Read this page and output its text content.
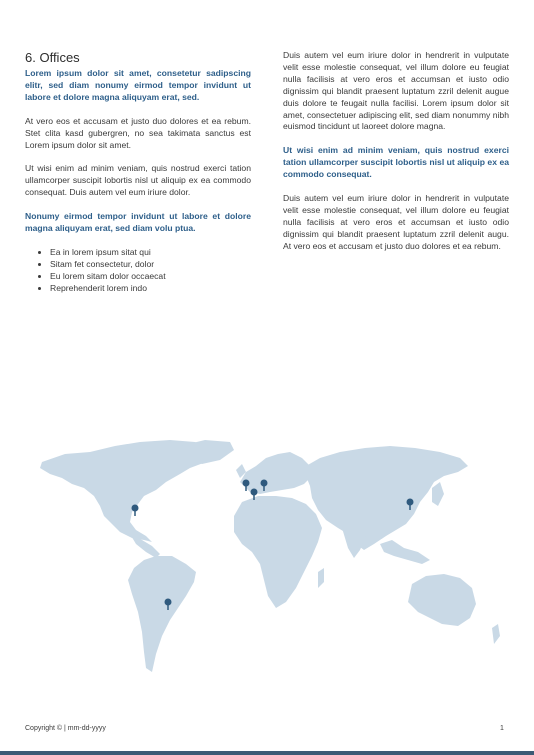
6. Offices

Lorem ipsum dolor sit amet, consetetur sadipscing elitr, sed diam nonumy eirmod tempor invidunt ut labore et dolore magna aliquyam erat, sed.

At vero eos et accusam et justo duo dolores et ea rebum. Stet clita kasd gubergren, no sea takimata sanctus est Lorem ipsum dolor sit amet.

Ut wisi enim ad minim veniam, quis nostrud exerci tation ullamcorper suscipit lobortis nisl ut aliquip ex ea commodo consequat. Duis autem vel eum iriure dolor.

Nonumy eirmod tempor invidunt ut labore et dolore magna aliquyam erat, sed diam volu ptua.

• Ea in lorem ipsum sitat qui
• Sitam fet consectetur, dolor
• Eu lorem sitam dolor occaecat
• Reprehenderit lorem indo

Duis autem vel eum iriure dolor in hendrerit in vulputate velit esse molestie consequat, vel illum dolore eu feugiat nulla facilisis at vero eros et accumsan et iusto odio dignissim qui blandit praesent luptatum zzril delenit augue duis dolore te feugait nulla facilisi. Lorem ipsum dolor sit amet, consectetuer adipiscing elit, sed diam nonummy nibh euismod tincidunt ut laoreet dolore magna.

Ut wisi enim ad minim veniam, quis nostrud exerci tation ullamcorper suscipit lobortis nisl ut aliquip ex ea commodo consequat.

Duis autem vel eum iriure dolor in hendrerit in vulputate velit esse molestie consequat, vel illum dolore eu feugiat nulla facilisis at vero eros et accumsan et iusto odio dignissim qui blandit praesent luptatum zzril delenit augu. At vero eos et accusam et justo duo dolores et ea rebum.

Copyright © | mm-dd-yyyy	1
